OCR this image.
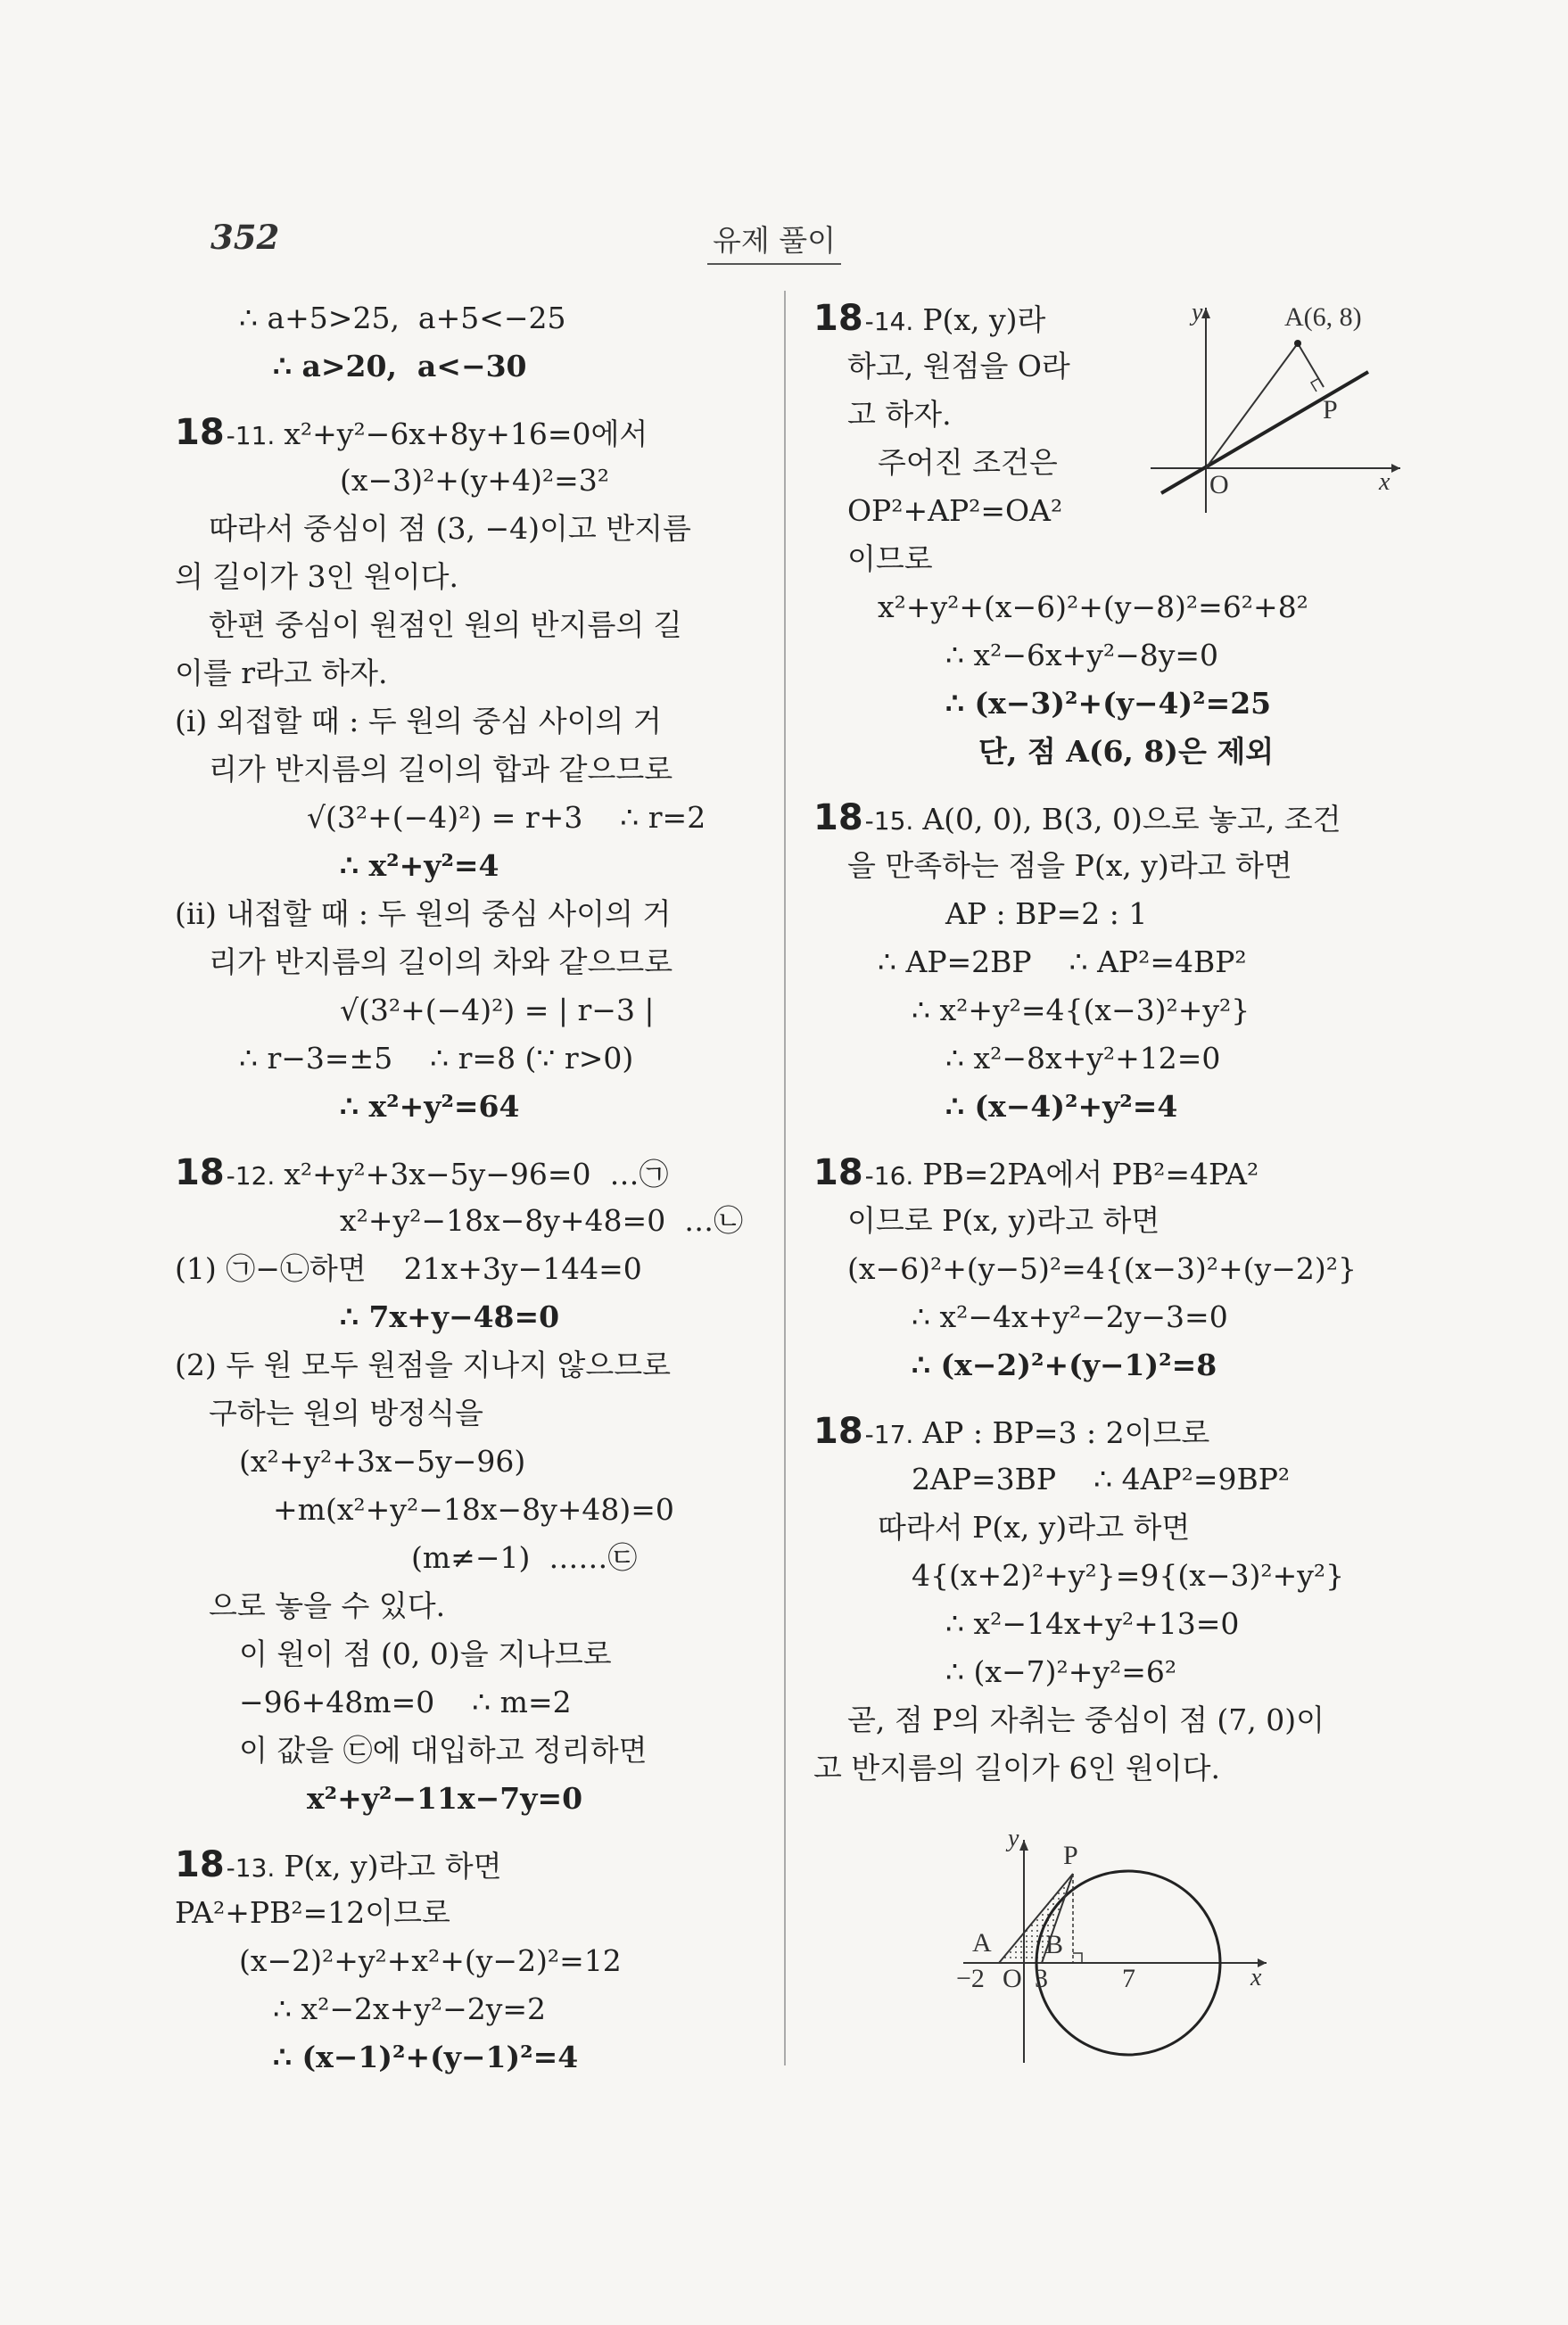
352	유제 풀이
∴ a+5>25,  a+5<−25
∴ a>20,  a<−30
18-11. x²+y²−6x+8y+16=0에서
(x−3)²+(y+4)²=3²
따라서 중심이 점 (3, −4)이고 반지름
의 길이가 3인 원이다.
한편 중심이 원점인 원의 반지름의 길
이를 r라고 하자.
(i) 외접할 때 : 두 원의 중심 사이의 거
리가 반지름의 길이의 합과 같으므로
√(3²+(−4)²) = r+3    ∴ r=2
∴ x²+y²=4
(ii) 내접할 때 : 두 원의 중심 사이의 거
리가 반지름의 길이의 차와 같으므로
√(3²+(−4)²) = | r−3 |
∴ r−3=±5    ∴ r=8 (∵ r>0)
∴ x²+y²=64
18-12. x²+y²+3x−5y−96=0  …㉠
x²+y²−18x−8y+48=0  …㉡
(1) ㉠−㉡하면    21x+3y−144=0
∴ 7x+y−48=0
(2) 두 원 모두 원점을 지나지 않으므로
구하는 원의 방정식을
(x²+y²+3x−5y−96)
+m(x²+y²−18x−8y+48)=0
(m≠−1)  ……㉢
으로 놓을 수 있다.
이 원이 점 (0, 0)을 지나므로
−96+48m=0    ∴ m=2
이 값을 ㉢에 대입하고 정리하면
x²+y²−11x−7y=0
18-13. P(x, y)라고 하면
PA²+PB²=12이므로
(x−2)²+y²+x²+(y−2)²=12
∴ x²−2x+y²−2y=2
∴ (x−1)²+(y−1)²=4
18-14. P(x, y)라
하고, 원점을 O라
고 하자.
주어진 조건은
OP²+AP²=OA²
이므로
x²+y²+(x−6)²+(y−8)²=6²+8²
∴ x²−6x+y²−8y=0
∴ (x−3)²+(y−4)²=25
단, 점 A(6, 8)은 제외
18-15. A(0, 0), B(3, 0)으로 놓고, 조건
을 만족하는 점을 P(x, y)라고 하면
AP : BP=2 : 1
∴ AP=2BP    ∴ AP²=4BP²
∴ x²+y²=4{(x−3)²+y²}
∴ x²−8x+y²+12=0
∴ (x−4)²+y²=4
18-16. PB=2PA에서 PB²=4PA²
이므로 P(x, y)라고 하면
(x−6)²+(y−5)²=4{(x−3)²+(y−2)²}
∴ x²−4x+y²−2y−3=0
∴ (x−2)²+(y−1)²=8
18-17. AP : BP=3 : 2이므로
2AP=3BP    ∴ 4AP²=9BP²
따라서 P(x, y)라고 하면
4{(x+2)²+y²}=9{(x−3)²+y²}
∴ x²−14x+y²+13=0
∴ (x−7)²+y²=6²
곧, 점 P의 자취는 중심이 점 (7, 0)이
고 반지름의 길이가 6인 원이다.
y
x
O
A(6, 8)
P
y
x
P
A B
−2 O 3	7
